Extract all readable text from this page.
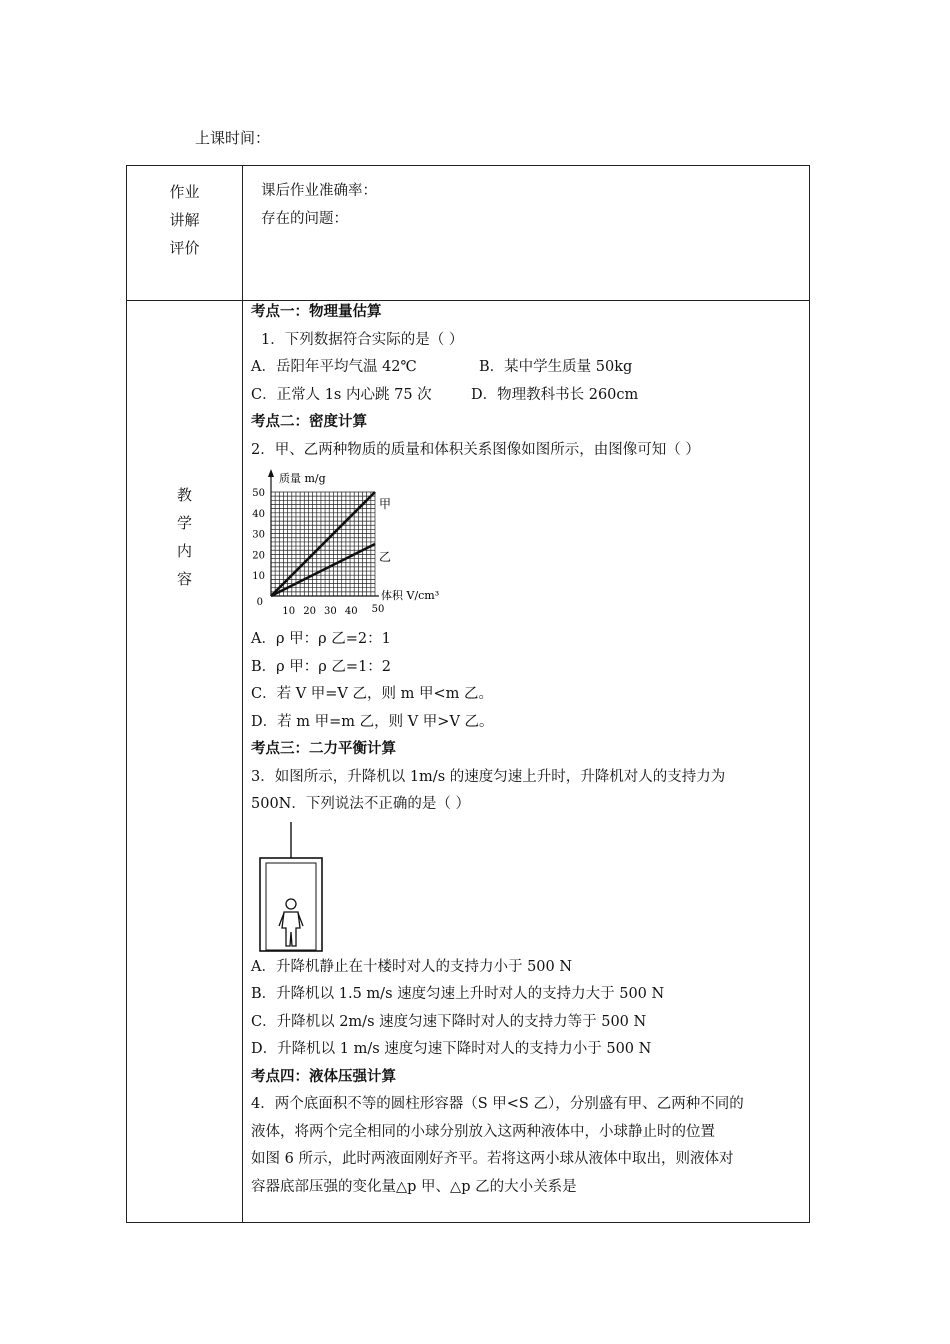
上课时间：
作业
讲解
评价
课后作业准确率：
存在的问题：
教
学
内
容
考点一：物理量估算
1．下列数据符合实际的是（ ）
A．岳阳年平均气温 42℃	B．某中学生质量 50kg
C．正常人 1s 内心跳 75 次	D．物理教科书长 260cm
考点二：密度计算
2．甲、乙两种物质的质量和体积关系图像如图所示，由图像可知（ ）
0
10
20
30
40
50
10 20 30 40 50
质量 m/g
体积 V/cm³
甲
乙
A．ρ 甲：ρ 乙=2：1
B．ρ 甲：ρ 乙=1：2
C．若 V 甲=V 乙，则 m 甲<m 乙。
D．若 m 甲=m 乙，则 V 甲>V 乙。
考点三：二力平衡计算
3．如图所示，升降机以 1m/s 的速度匀速上升时，升降机对人的支持力为
500N．下列说法不正确的是（ ）
A．升降机静止在十楼时对人的支持力小于 500 N
B．升降机以 1.5 m/s 速度匀速上升时对人的支持力大于 500 N
C．升降机以 2m/s 速度匀速下降时对人的支持力等于 500 N
D．升降机以 1 m/s 速度匀速下降时对人的支持力小于 500 N
考点四：液体压强计算
4．两个底面积不等的圆柱形容器（S 甲<S 乙），分别盛有甲、乙两种不同的
液体，将两个完全相同的小球分别放入这两种液体中，小球静止时的位置
如图 6 所示，此时两液面刚好齐平。若将这两小球从液体中取出，则液体对
容器底部压强的变化量△p 甲、△p 乙的大小关系是
